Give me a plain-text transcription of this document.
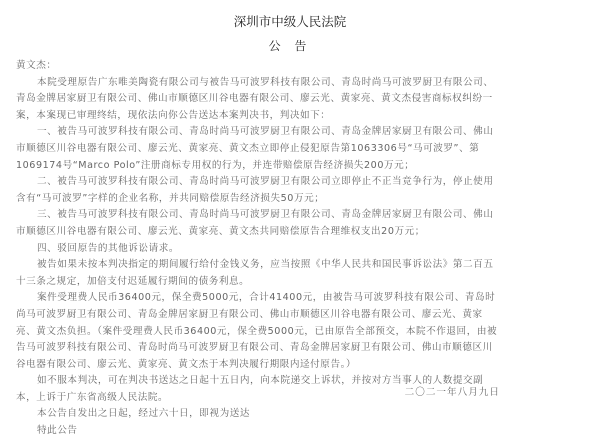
深圳市中级人民法院
公 告

黄文杰：

本院受理原告广东唯美陶瓷有限公司与被告马可波罗科技有限公司、青岛时尚马可波罗厨卫有限公司、青岛金牌居家厨卫有限公司、佛山市顺德区川谷电器有限公司、廖云光、黄家亮、黄文杰侵害商标权纠纷一案，本案现已审理终结，现依法向你公告送达本案判决书，判决如下：

一、被告马可波罗科技有限公司、青岛时尚马可波罗厨卫有限公司、青岛金牌居家厨卫有限公司、佛山市顺德区川谷电器有限公司、廖云光、黄家亮、黄文杰立即停止侵犯原告第1063306号“马可波罗”、第1069174号“Marco Polo”注册商标专用权的行为，并连带赔偿原告经济损失200万元；

二、被告马可波罗科技有限公司、青岛时尚马可波罗厨卫有限公司立即停止不正当竞争行为，停止使用含有“马可波罗”字样的企业名称，并共同赔偿原告经济损失50万元；

三、被告马可波罗科技有限公司、青岛时尚马可波罗厨卫有限公司、青岛金牌居家厨卫有限公司、佛山市顺德区川谷电器有限公司、廖云光、黄家亮、黄文杰共同赔偿原告合理维权支出20万元；

四、驳回原告的其他诉讼请求。

被告如果未按本判决指定的期间履行给付金钱义务，应当按照《中华人民共和国民事诉讼法》第二百五十三条之规定，加倍支付迟延履行期间的债务利息。

案件受理费人民币36400元，保全费5000元，合计41400元，由被告马可波罗科技有限公司、青岛时尚马可波罗厨卫有限公司、青岛金牌居家厨卫有限公司、佛山市顺德区川谷电器有限公司、廖云光、黄家亮、黄文杰负担。（案件受理费人民币36400元，保全费5000元，已由原告全部预交，本院不作退回，由被告马可波罗科技有限公司、青岛时尚马可波罗厨卫有限公司、青岛金牌居家厨卫有限公司、佛山市顺德区川谷电器有限公司、廖云光、黄家亮、黄文杰于本判决履行期限内迳付原告。）

如不服本判决，可在判决书送达之日起十五日内，向本院递交上诉状，并按对方当事人的人数提交副本，上诉于广东省高级人民法院。

本公告自发出之日起，经过六十日，即视为送达

特此公告

二〇二一年八月九日
